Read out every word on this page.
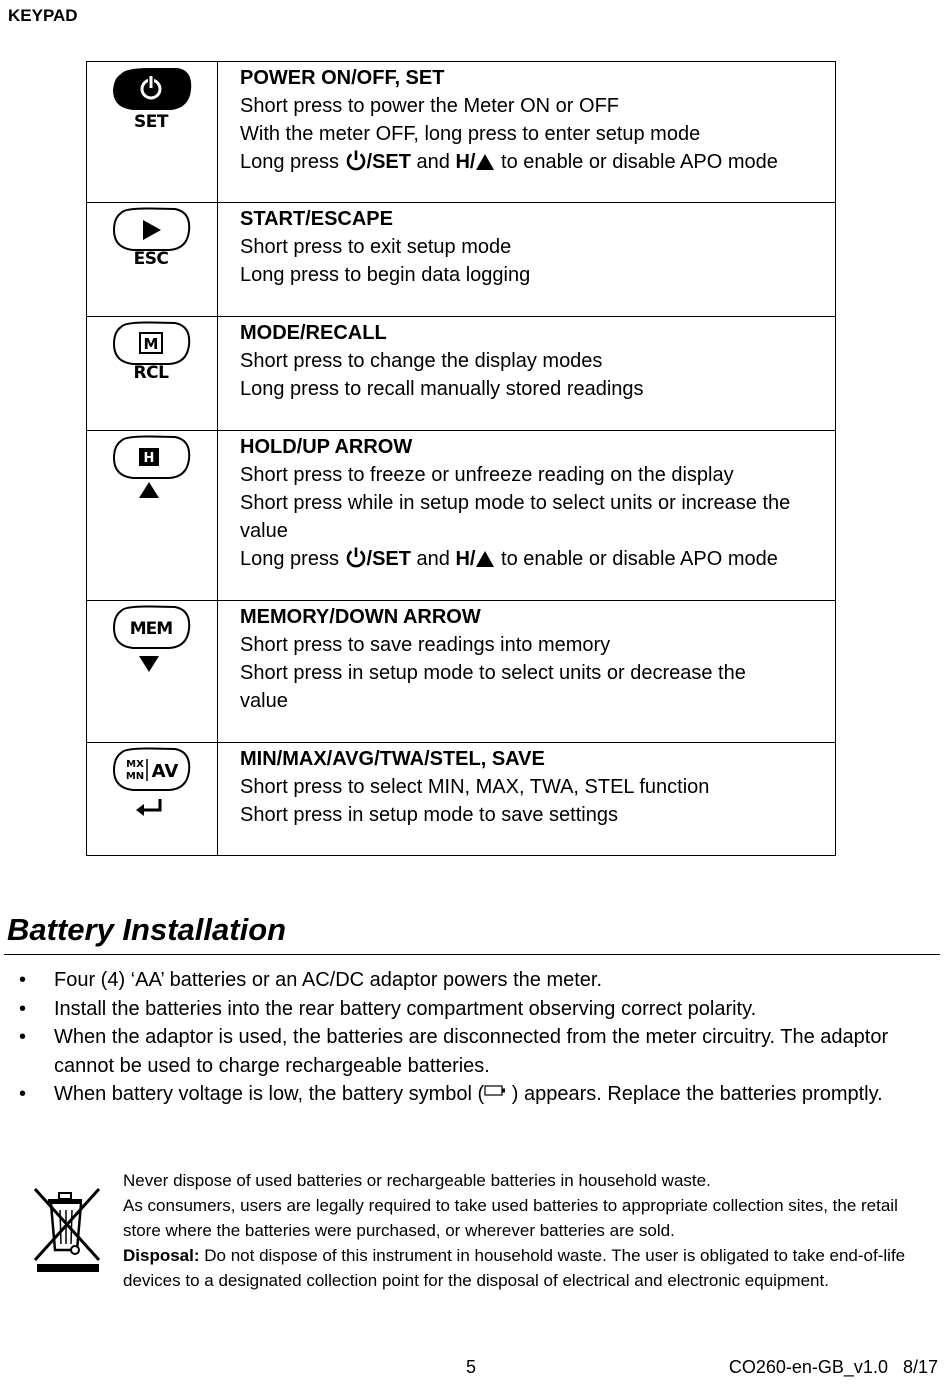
KEYPAD
SET	POWER ON/OFF, SET
Short press to power the Meter ON or OFF
With the meter OFF, long press to enter setup mode
Long press /SET and H/ to enable or disable APO mode

ESC	START/ESCAPE
Short press to exit setup mode
Long press to begin data logging

M
RCL	MODE/RECALL
Short press to change the display modes
Long press to recall manually stored readings

H	HOLD/UP ARROW
Short press to freeze or unfreeze reading on the display
Short press while in setup mode to select units or increase the
value
Long press /SET and H/ to enable or disable APO mode

MEM	MEMORY/DOWN ARROW
Short press to save readings into memory
Short press in setup mode to select units or decrease the
value

MX
MN AV	MIN/MAX/AVG/TWA/STEL, SAVE
Short press to select MIN, MAX, TWA, STEL function
Short press in setup mode to save settings
Battery Installation
• Four (4) ‘AA’ batteries or an AC/DC adaptor powers the meter.
• Install the batteries into the rear battery compartment observing correct polarity.
• When the adaptor is used, the batteries are disconnected from the meter circuitry. The adaptor cannot be used to charge rechargeable batteries.
• When battery voltage is low, the battery symbol ( ) appears. Replace the batteries promptly.
Never dispose of used batteries or rechargeable batteries in household waste.
As consumers, users are legally required to take used batteries to appropriate collection sites, the retail store where the batteries were purchased, or wherever batteries are sold.
Disposal: Do not dispose of this instrument in household waste. The user is obligated to take end-of-life devices to a designated collection point for the disposal of electrical and electronic equipment.
5	CO260-en-GB_v1.0   8/17
